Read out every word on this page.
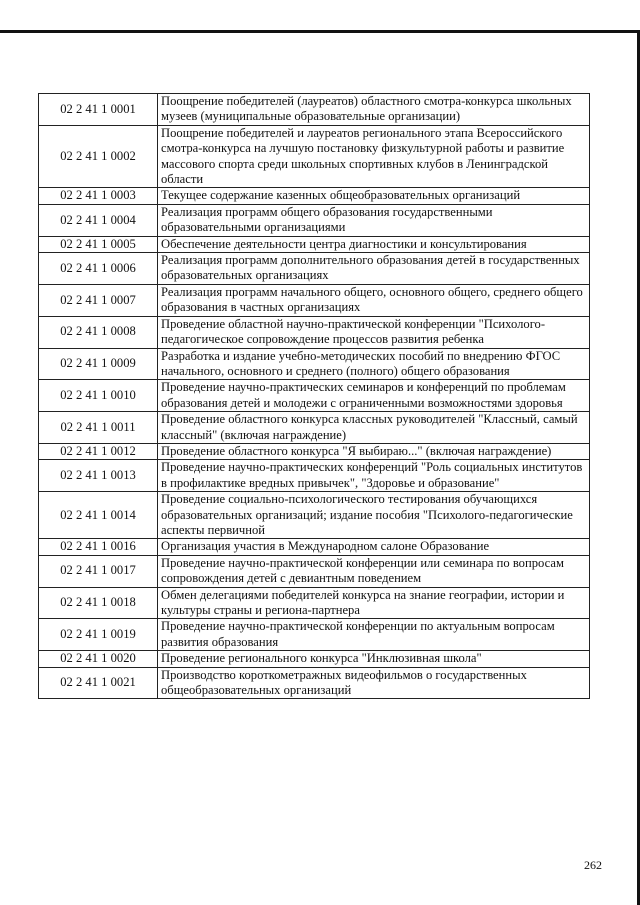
02 2 41 1 0001	Поощрение победителей (лауреатов) областного смотра-конкурса школьных музеев (муниципальные образовательные организации)
02 2 41 1 0002	Поощрение победителей и лауреатов регионального этапа Всероссийского смотра-конкурса на лучшую постановку физкультурной работы и развитие массового спорта среди школьных спортивных клубов в Ленинградской области
02 2 41 1 0003	Текущее содержание казенных общеобразовательных организаций
02 2 41 1 0004	Реализация программ общего образования государственными образовательными организациями
02 2 41 1 0005	Обеспечение деятельности центра диагностики и консультирования
02 2 41 1 0006	Реализация программ дополнительного образования детей в государственных образовательных организациях
02 2 41 1 0007	Реализация программ начального общего, основного общего, среднего общего образования в частных организациях
02 2 41 1 0008	Проведение областной научно-практической конференции "Психолого-педагогическое сопровождение процессов развития ребенка
02 2 41 1 0009	Разработка и издание учебно-методических пособий по внедрению ФГОС начального, основного и среднего (полного) общего образования
02 2 41 1 0010	Проведение научно-практических семинаров и конференций по проблемам образования детей и молодежи с ограниченными возможностями здоровья
02 2 41 1 0011	Проведение областного конкурса классных руководителей "Классный, самый классный" (включая награждение)
02 2 41 1 0012	Проведение областного конкурса "Я выбираю..." (включая награждение)
02 2 41 1 0013	Проведение научно-практических конференций "Роль социальных институтов в профилактике вредных привычек", "Здоровье и образование"
02 2 41 1 0014	Проведение социально-психологического тестирования обучающихся образовательных организаций; издание пособия "Психолого-педагогические аспекты первичной
02 2 41 1 0016	Организация участия в Международном салоне Образование
02 2 41 1 0017	Проведение научно-практической конференции или семинара по вопросам сопровождения детей с девиантным поведением
02 2 41 1 0018	Обмен делегациями победителей конкурса на знание географии, истории и культуры страны и региона-партнера
02 2 41 1 0019	Проведение научно-практической конференции по актуальным вопросам развития образования
02 2 41 1 0020	Проведение регионального конкурса "Инклюзивная школа"
02 2 41 1 0021	Производство короткометражных видеофильмов о государственных общеобразовательных организаций
262
